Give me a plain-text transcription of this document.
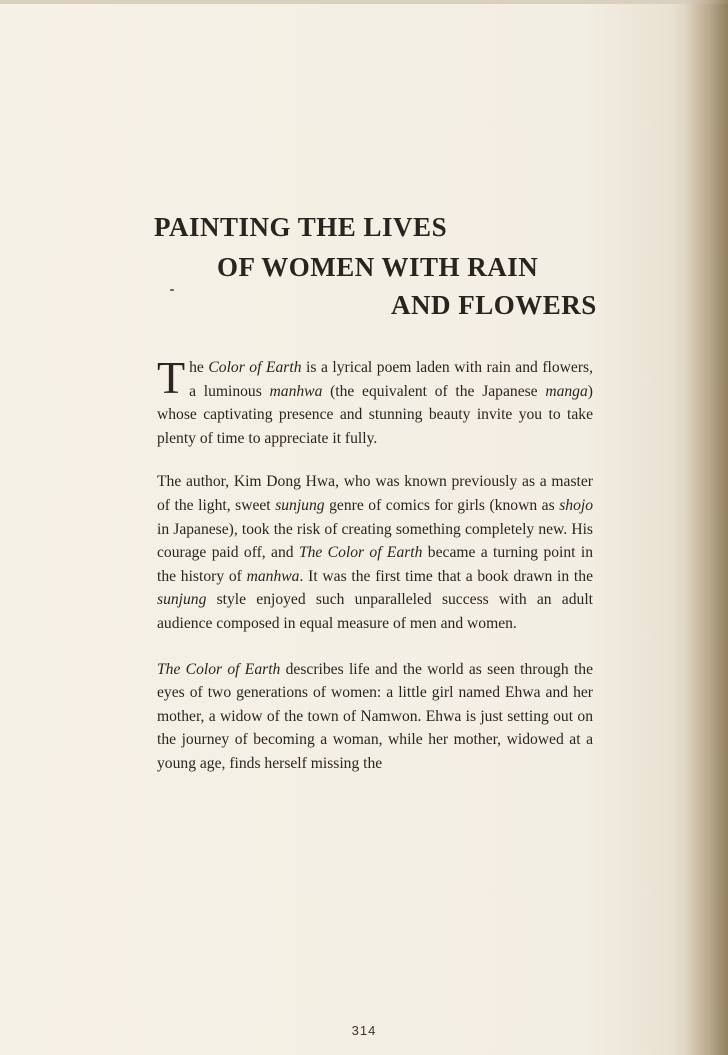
PAINTING THE LIVES
OF WOMEN WITH RAIN
AND FLOWERS

The Color of Earth is a lyrical poem laden with rain and flowers, a luminous manhwa (the equivalent of the Japanese manga) whose captivating presence and stunning beauty invite you to take plenty of time to appreciate it fully.

The author, Kim Dong Hwa, who was known previously as a master of the light, sweet sunjung genre of comics for girls (known as shojo in Japanese), took the risk of creating something completely new. His courage paid off, and The Color of Earth became a turning point in the history of manhwa. It was the first time that a book drawn in the sunjung style enjoyed such unparalleled success with an adult audience composed in equal measure of men and women.

The Color of Earth describes life and the world as seen through the eyes of two generations of women: a little girl named Ehwa and her mother, a widow of the town of Namwon. Ehwa is just setting out on the journey of becoming a woman, while her mother, widowed at a young age, finds herself missing the

314
